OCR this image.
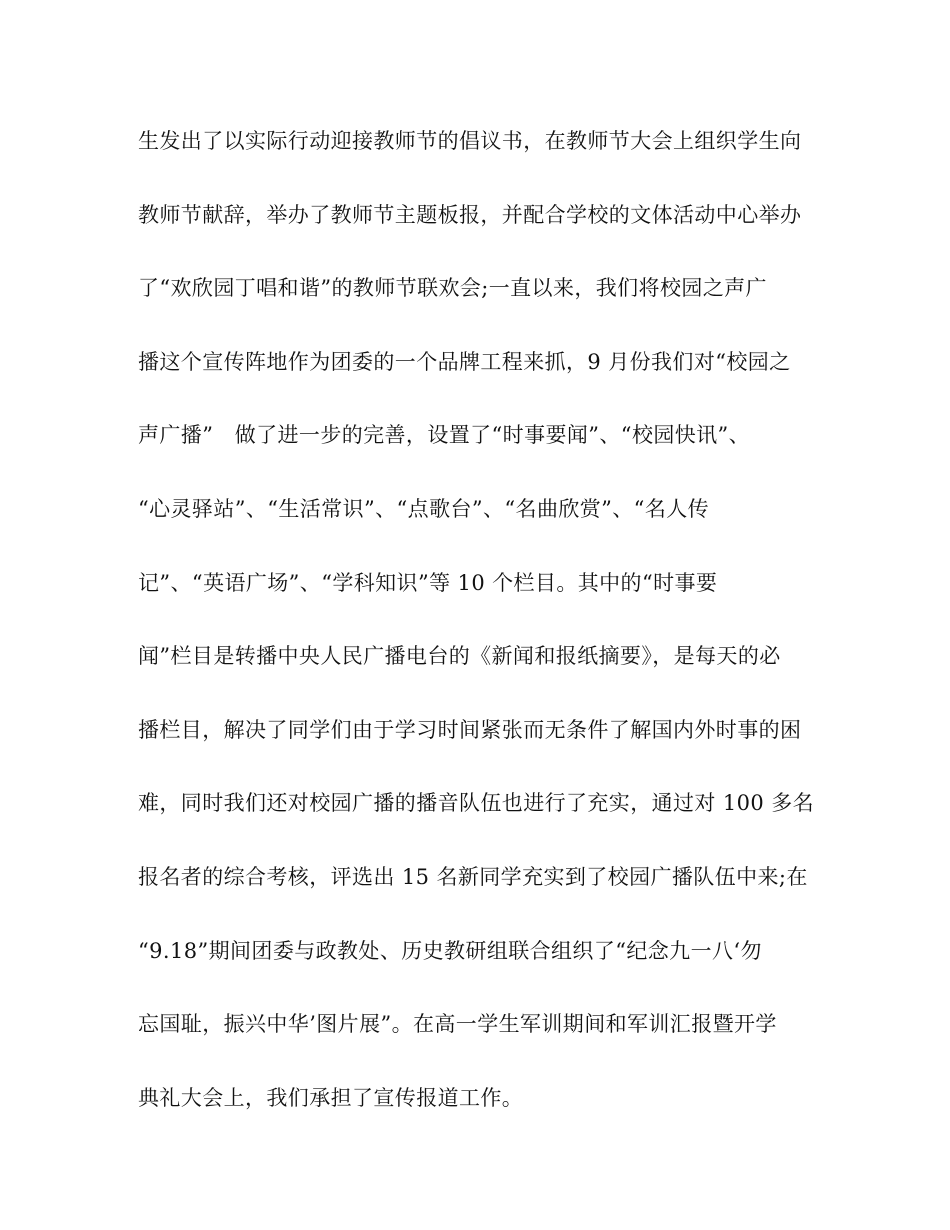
生发出了以实际行动迎接教师节的倡议书，在教师节大会上组织学生向
教师节献辞，举办了教师节主题板报，并配合学校的文体活动中心举办
了“欢欣园丁唱和谐”的教师节联欢会;一直以来，我们将校园之声广
播这个宣传阵地作为团委的一个品牌工程来抓，9 月份我们对“校园之
声广播”　做了进一步的完善，设置了“时事要闻”、“校园快讯”、
“心灵驿站”、“生活常识”、“点歌台”、“名曲欣赏”、“名人传
记”、“英语广场”、“学科知识”等 10 个栏目。其中的“时事要
闻”栏目是转播中央人民广播电台的《新闻和报纸摘要》，是每天的必
播栏目，解决了同学们由于学习时间紧张而无条件了解国内外时事的困
难，同时我们还对校园广播的播音队伍也进行了充实，通过对 100 多名
报名者的综合考核，评选出 15 名新同学充实到了校园广播队伍中来;在
“9.18”期间团委与政教处、历史教研组联合组织了“纪念九一八‘勿
忘国耻，振兴中华’图片展”。在高一学生军训期间和军训汇报暨开学
典礼大会上，我们承担了宣传报道工作。
